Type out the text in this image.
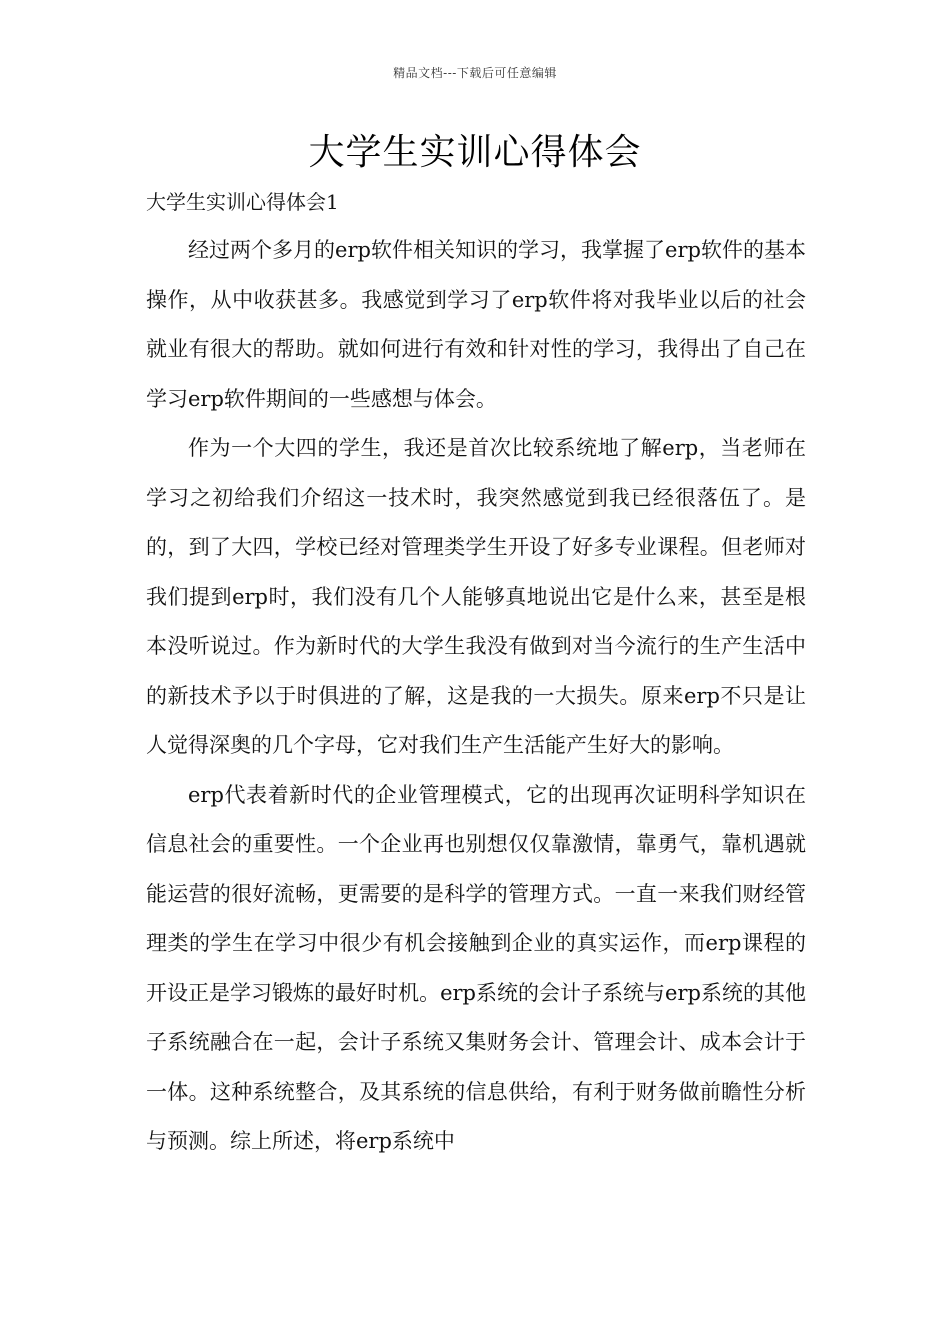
精品文档---下载后可任意编辑
大学生实训心得体会
大学生实训心得体会1

经过两个多月的erp软件相关知识的学习，我掌握了erp软件的基本操作，从中收获甚多。我感觉到学习了erp软件将对我毕业以后的社会就业有很大的帮助。就如何进行有效和针对性的学习，我得出了自己在学习erp软件期间的一些感想与体会。

作为一个大四的学生，我还是首次比较系统地了解erp，当老师在学习之初给我们介绍这一技术时，我突然感觉到我已经很落伍了。是的，到了大四，学校已经对管理类学生开设了好多专业课程。但老师对我们提到erp时，我们没有几个人能够真地说出它是什么来，甚至是根本没听说过。作为新时代的大学生我没有做到对当今流行的生产生活中的新技术予以于时俱进的了解，这是我的一大损失。原来erp不只是让人觉得深奥的几个字母，它对我们生产生活能产生好大的影响。

erp代表着新时代的企业管理模式，它的出现再次证明科学知识在信息社会的重要性。一个企业再也别想仅仅靠激情，靠勇气，靠机遇就能运营的很好流畅，更需要的是科学的管理方式。一直一来我们财经管理类的学生在学习中很少有机会接触到企业的真实运作，而erp课程的开设正是学习锻炼的最好时机。erp系统的会计子系统与erp系统的其他子系统融合在一起，会计子系统又集财务会计、管理会计、成本会计于一体。这种系统整合，及其系统的信息供给，有利于财务做前瞻性分析与预测。综上所述，将erp系统中
